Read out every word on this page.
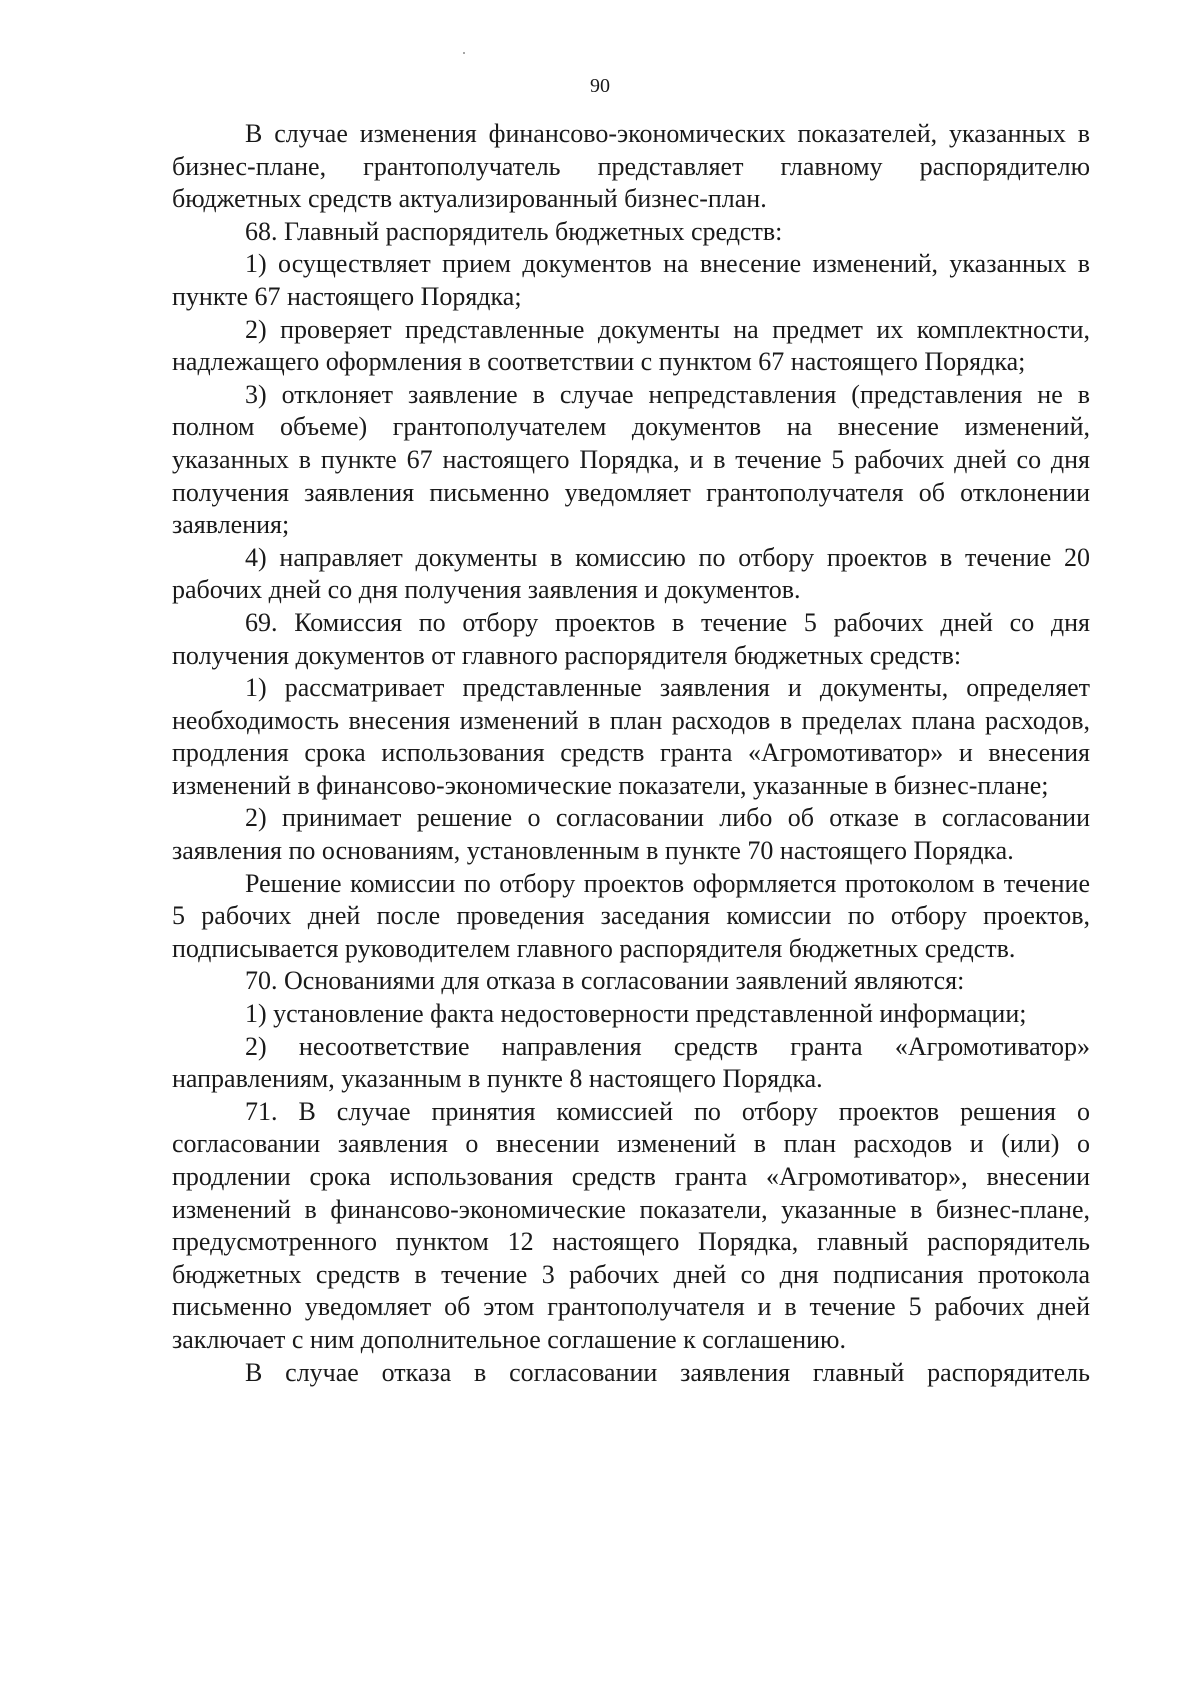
90

В случае изменения финансово-экономических показателей, указанных в бизнес-плане, грантополучатель представляет главному распорядителю бюджетных средств актуализированный бизнес-план.

68. Главный распорядитель бюджетных средств:

1) осуществляет прием документов на внесение изменений, указанных в пункте 67 настоящего Порядка;

2) проверяет представленные документы на предмет их комплектности, надлежащего оформления в соответствии с пунктом 67 настоящего Порядка;

3) отклоняет заявление в случае непредставления (представления не в полном объеме) грантополучателем документов на внесение изменений, указанных в пункте 67 настоящего Порядка, и в течение 5 рабочих дней со дня получения заявления письменно уведомляет грантополучателя об отклонении заявления;

4) направляет документы в комиссию по отбору проектов в течение 20 рабочих дней со дня получения заявления и документов.

69. Комиссия по отбору проектов в течение 5 рабочих дней со дня получения документов от главного распорядителя бюджетных средств:

1) рассматривает представленные заявления и документы, определяет необходимость внесения изменений в план расходов в пределах плана расходов, продления срока использования средств гранта «Агромотиватор» и внесения изменений в финансово-экономические показатели, указанные в бизнес-плане;

2) принимает решение о согласовании либо об отказе в согласовании заявления по основаниям, установленным в пункте 70 настоящего Порядка.

Решение комиссии по отбору проектов оформляется протоколом в течение 5 рабочих дней после проведения заседания комиссии по отбору проектов, подписывается руководителем главного распорядителя бюджетных средств.

70. Основаниями для отказа в согласовании заявлений являются:

1) установление факта недостоверности представленной информации;

2) несоответствие направления средств гранта «Агромотиватор» направлениям, указанным в пункте 8 настоящего Порядка.

71. В случае принятия комиссией по отбору проектов решения о согласовании заявления о внесении изменений в план расходов и (или) о продлении срока использования средств гранта «Агромотиватор», внесении изменений в финансово-экономические показатели, указанные в бизнес-плане, предусмотренного пунктом 12 настоящего Порядка, главный распорядитель бюджетных средств в течение 3 рабочих дней со дня подписания протокола письменно уведомляет об этом грантополучателя и в течение 5 рабочих дней заключает с ним дополнительное соглашение к соглашению.

В случае отказа в согласовании заявления главный распорядитель
